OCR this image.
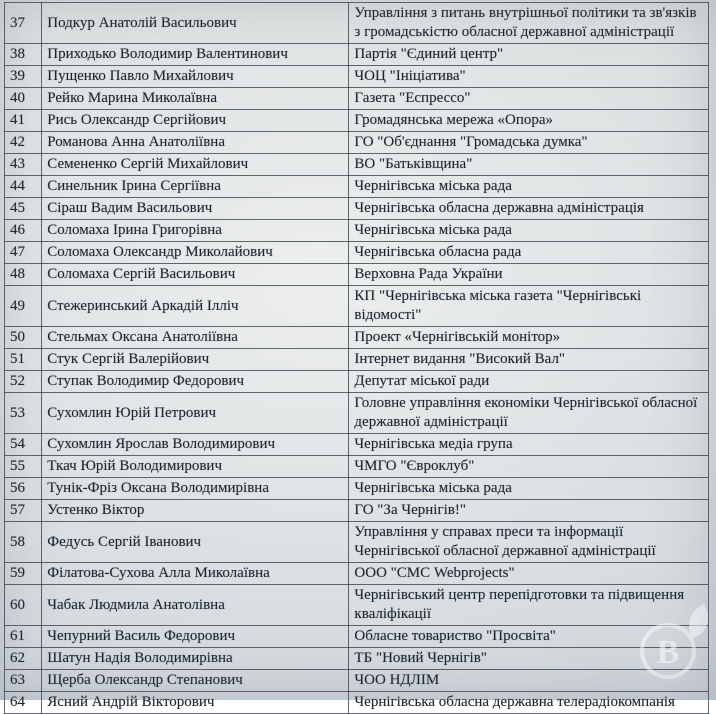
37	Подкур Анатолій Васильович	Управління з питань внутрішньої політики та зв'язків з громадськістю обласної державної адміністрації
38	Приходько Володимир Валентинович	Партія "Єдиний центр"
39	Пущенко Павло Михайлович	ЧОЦ "Ініціатива"
40	Рейко Марина Миколаївна	Газета "Еспрессо"
41	Рись Олександр Сергійович	Громадянська мережа «Опора»
42	Романова Анна Анатоліївна	ГО "Об'єднання "Громадська думка"
43	Семененко Сергій Михайлович	ВО "Батьківщина"
44	Синельник Ірина Сергіївна	Чернігівська міська рада
45	Сіраш Вадим Васильович	Чернігівська обласна державна адміністрація
46	Соломаха Ірина Григорівна	Чернігівська міська рада
47	Соломаха Олександр Миколайович	Чернігівська обласна рада
48	Соломаха Сергій Васильович	Верховна Рада України
49	Стежеринський Аркадій Ілліч	КП "Чернігівська міська газета "Чернігівські відомості"
50	Стельмах Оксана Анатоліївна	Проект «Чернігівській монітор»
51	Стук Сергій Валерійович	Інтернет видання "Високий Вал"
52	Ступак Володимир Федорович	Депутат міської ради
53	Сухомлин Юрій Петрович	Головне управління економіки Чернігівської обласної державної адміністрації
54	Сухомлин Ярослав Володимирович	Чернігівська медіа група
55	Ткач Юрій Володимирович	ЧМГО "Євроклуб"
56	Тунік-Фріз Оксана Володимирівна	Чернігівська міська рада
57	Устенко Віктор	ГО "За Чернігів!"
58	Федусь Сергій Іванович	Управління у справах преси та інформації Чернігівської обласної державної адміністрації
59	Філатова-Сухова Алла Миколаївна	ООО "СМС Webprojects"
60	Чабак Людмила Анатолівна	Чернігівський центр перепідготовки та підвищення кваліфікації
61	Чепурний Василь Федорович	Обласне товариство "Просвіта"
62	Шатун Надія Володимирівна	ТБ "Новий Чернігів"
63	Щерба Олександр Степанович	ЧОО НДЛІМ
64	Ясний Андрій Вікторович	Чернігівська обласна державна телерадіокомпанія
В
